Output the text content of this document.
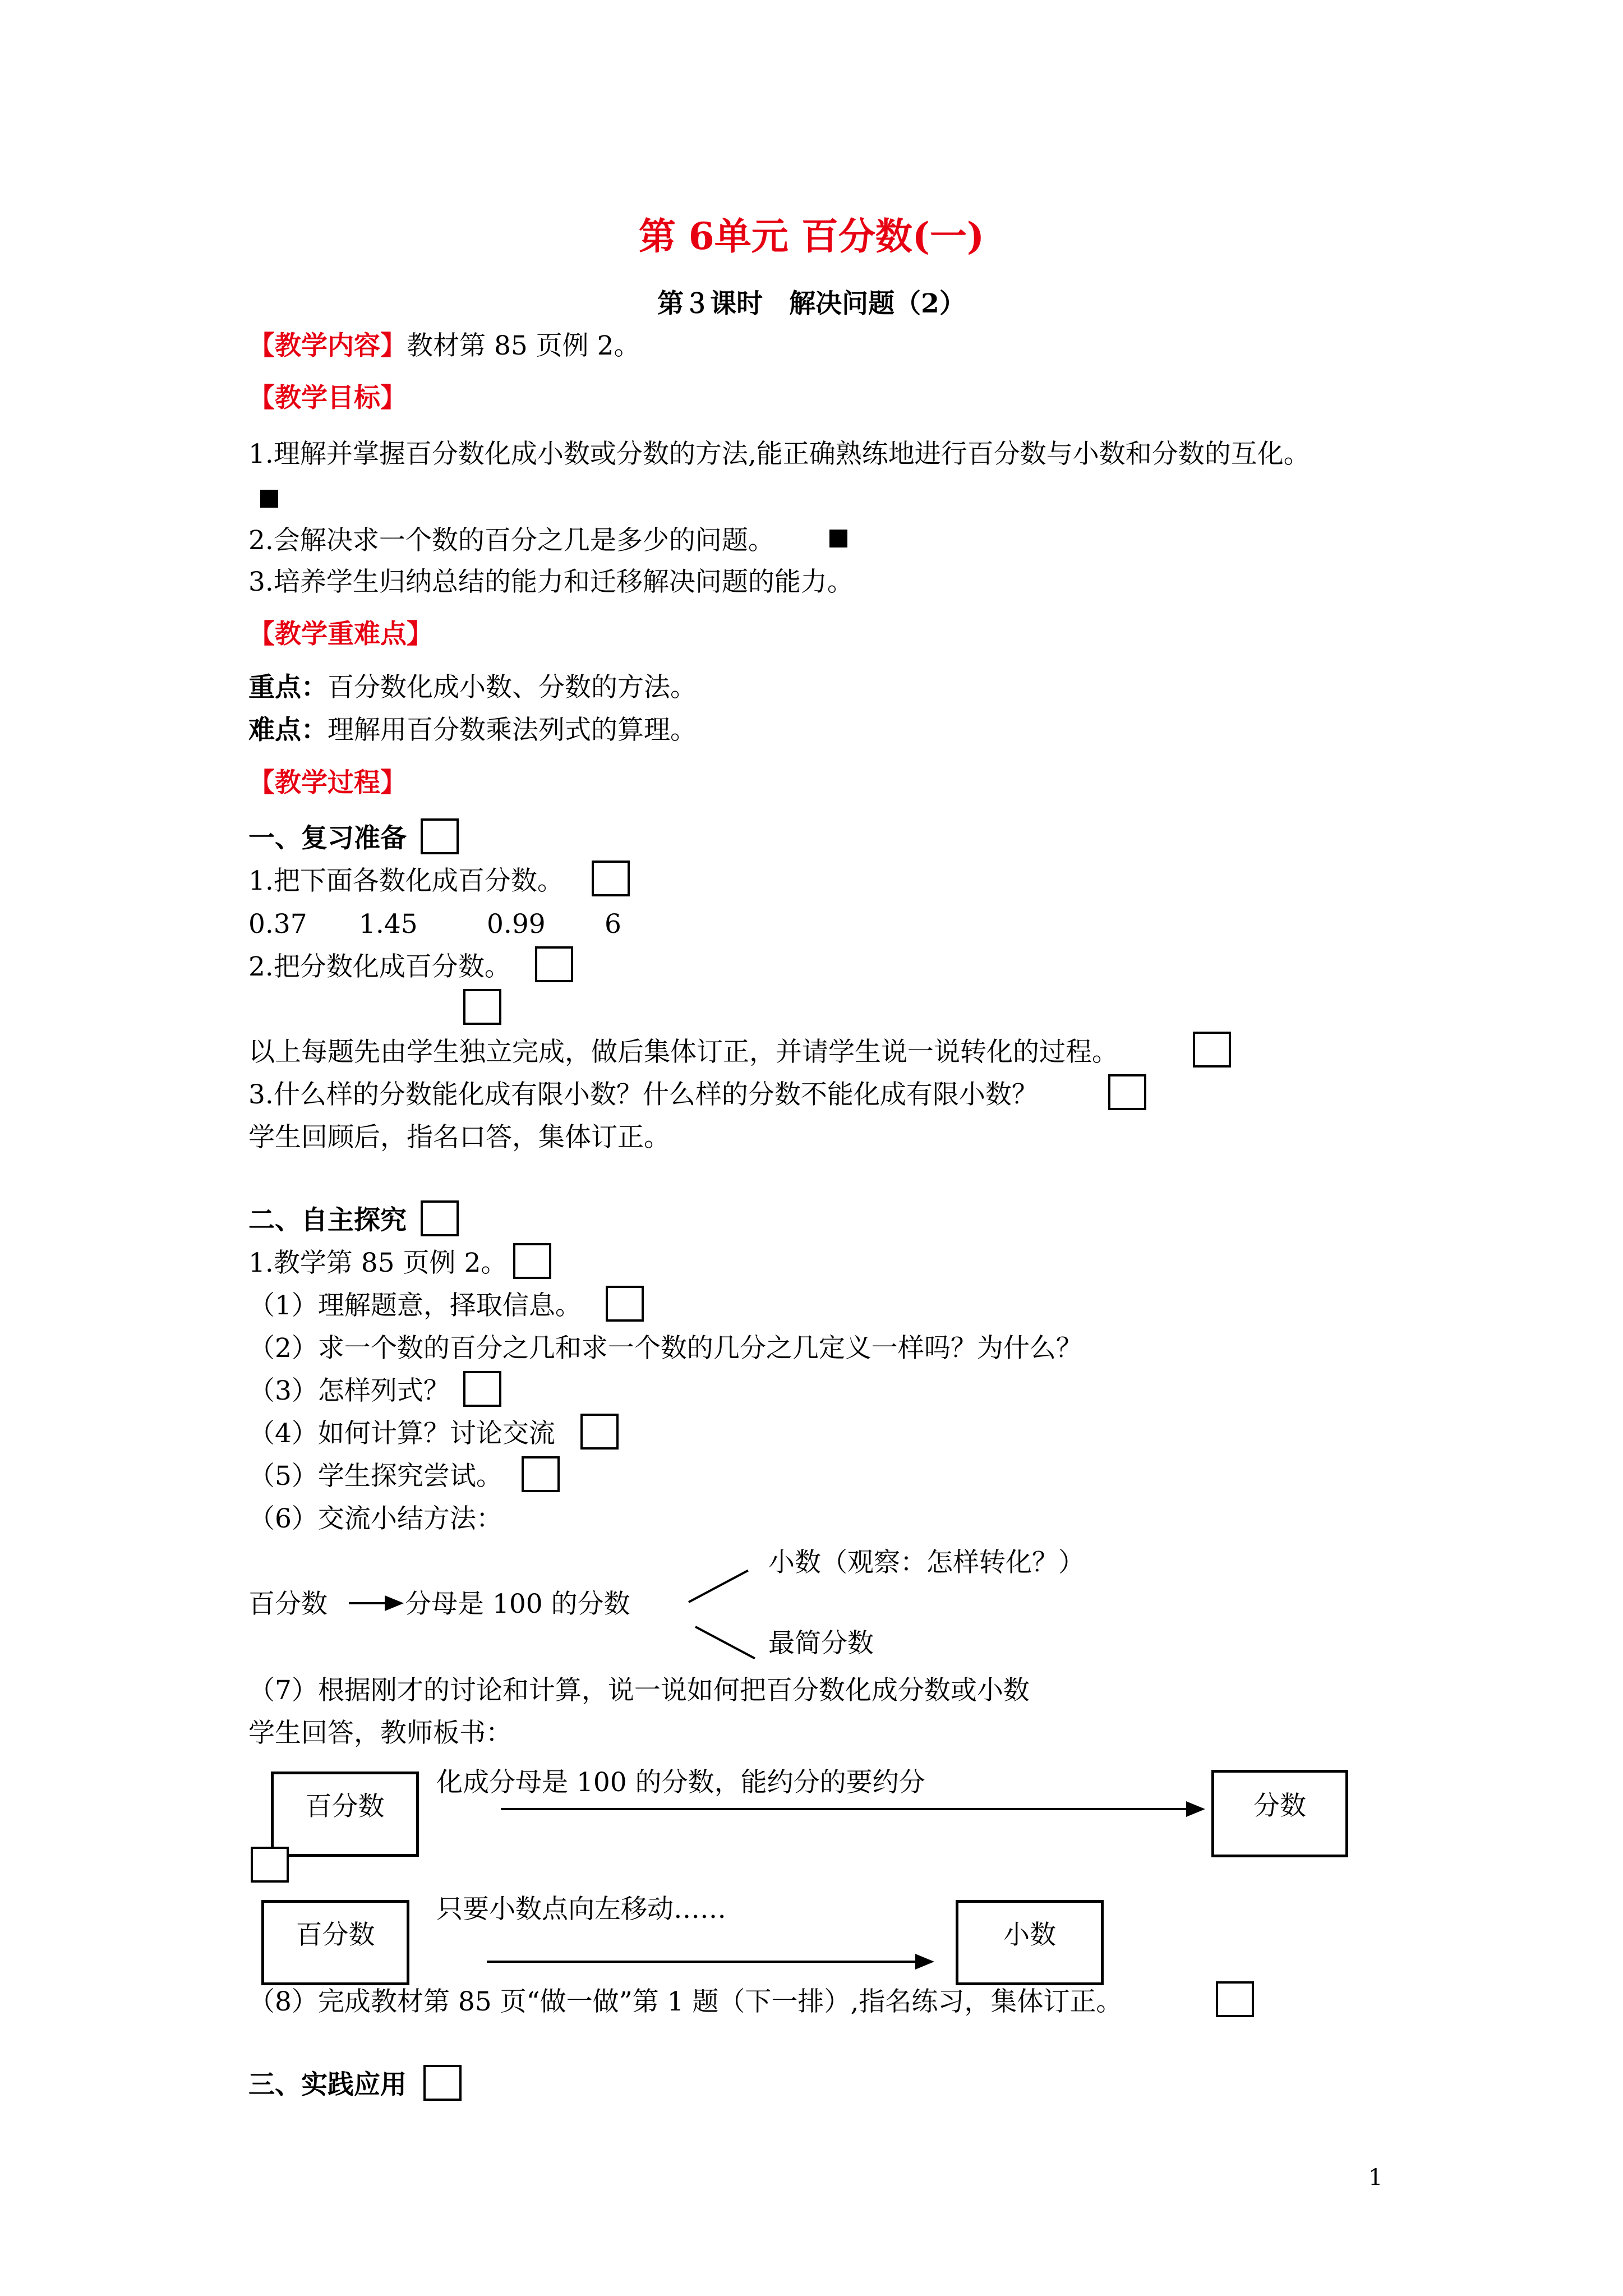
第 6单元 百分数(一)
第３课时　解决问题（2）
【教学内容】教材第 85 页例 2。
【教学目标】
1.理解并掌握百分数化成小数或分数的方法,能正确熟练地进行百分数与小数和分数的互化。
2.会解决求一个数的百分之几是多少的问题。
3.培养学生归纳总结的能力和迁移解决问题的能力。
【教学重难点】
重点：百分数化成小数、分数的方法。
难点：理解用百分数乘法列式的算理。
【教学过程】
一、复习准备
1.把下面各数化成百分数。
0.37 1.45	0.99 6
2.把分数化成百分数。
以上每题先由学生独立完成，做后集体订正，并请学生说一说转化的过程。
3.什么样的分数能化成有限小数？什么样的分数不能化成有限小数？
学生回顾后，指名口答，集体订正。
二、自主探究
1.教学第 85 页例 2。
（1）理解题意，择取信息。
（2）求一个数的百分之几和求一个数的几分之几定义一样吗？为什么？
（3）怎样列式？
（4）如何计算？讨论交流
（5）学生探究尝试。
（6）交流小结方法：
百分数	分母是 100 的分数
小数（观察：怎样转化？）
最简分数
（7）根据刚才的讨论和计算，说一说如何把百分数化成分数或小数
学生回答，教师板书：
百分数
化成分母是 100 的分数，能约分的要约分
分数
百分数
只要小数点向左移动……
小数
（8）完成教材第 85 页“做一做”第 1 题（下一排）,指名练习，集体订正。
三、实践应用
1
